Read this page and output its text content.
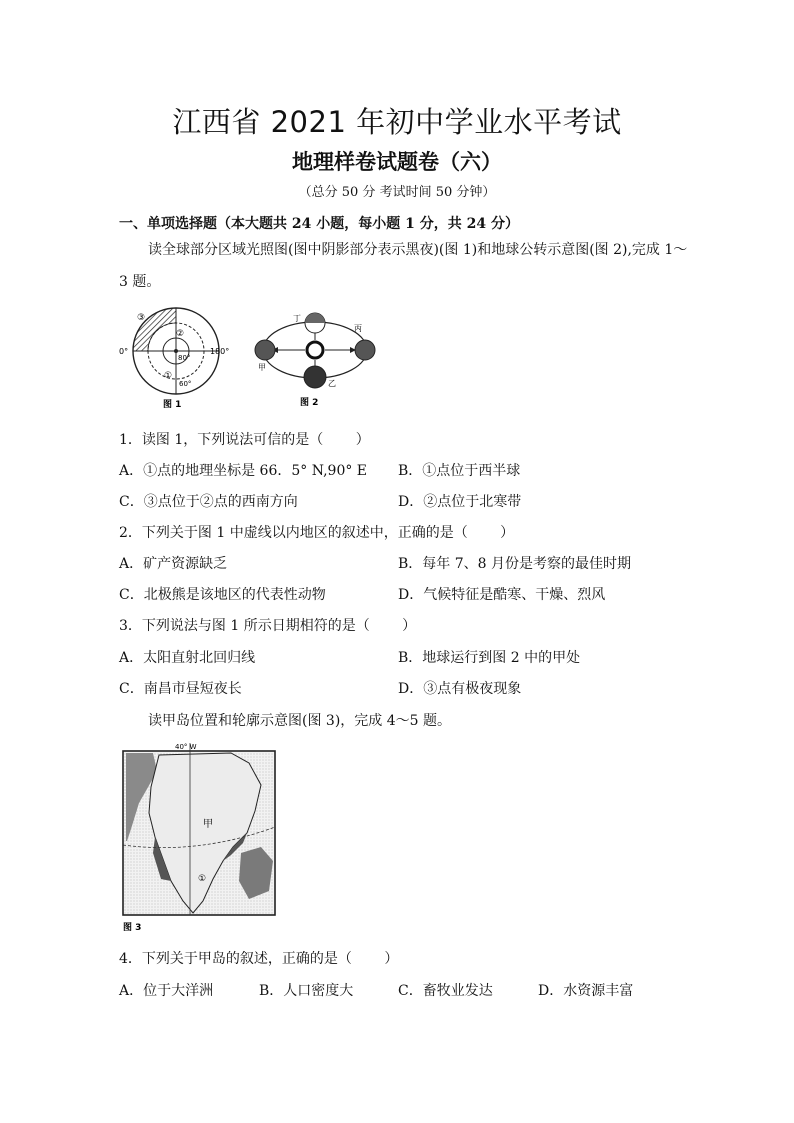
江西省 2021 年初中学业水平考试
地理样卷试题卷（六）
（总分 50 分 考试时间 50 分钟）
一、单项选择题（本大题共 24 小题，每小题 1 分，共 24 分）
读全球部分区域光照图(图中阴影部分表示黑夜)(图 1)和地球公转示意图(图 2),完成 1～
3 题。
③
②
①
0°	180°
80°
60°
图 1
丁
丙
甲
乙
图 2
1．读图 1，下列说法可信的是（　　 ）
A．①点的地理坐标是 66．5° N,90° E B．①点位于西半球
C．③点位于②点的西南方向	D．②点位于北寒带
2．下列关于图 1 中虚线以内地区的叙述中，正确的是（　　 ）
A．矿产资源缺乏	B．每年 7、8 月份是考察的最佳时期
C．北极熊是该地区的代表性动物	D．气候特征是酷寒、干燥、烈风
3．下列说法与图 1 所示日期相符的是（　　 ）
A．太阳直射北回归线	B．地球运行到图 2 中的甲处
C．南昌市昼短夜长	D．③点有极夜现象
读甲岛位置和轮廓示意图(图 3)，完成 4～5 题。
40° W
甲
①
图 3
4．下列关于甲岛的叙述，正确的是（　　 ）
A．位于大洋洲	B．人口密度大	C．畜牧业发达	D．水资源丰富
